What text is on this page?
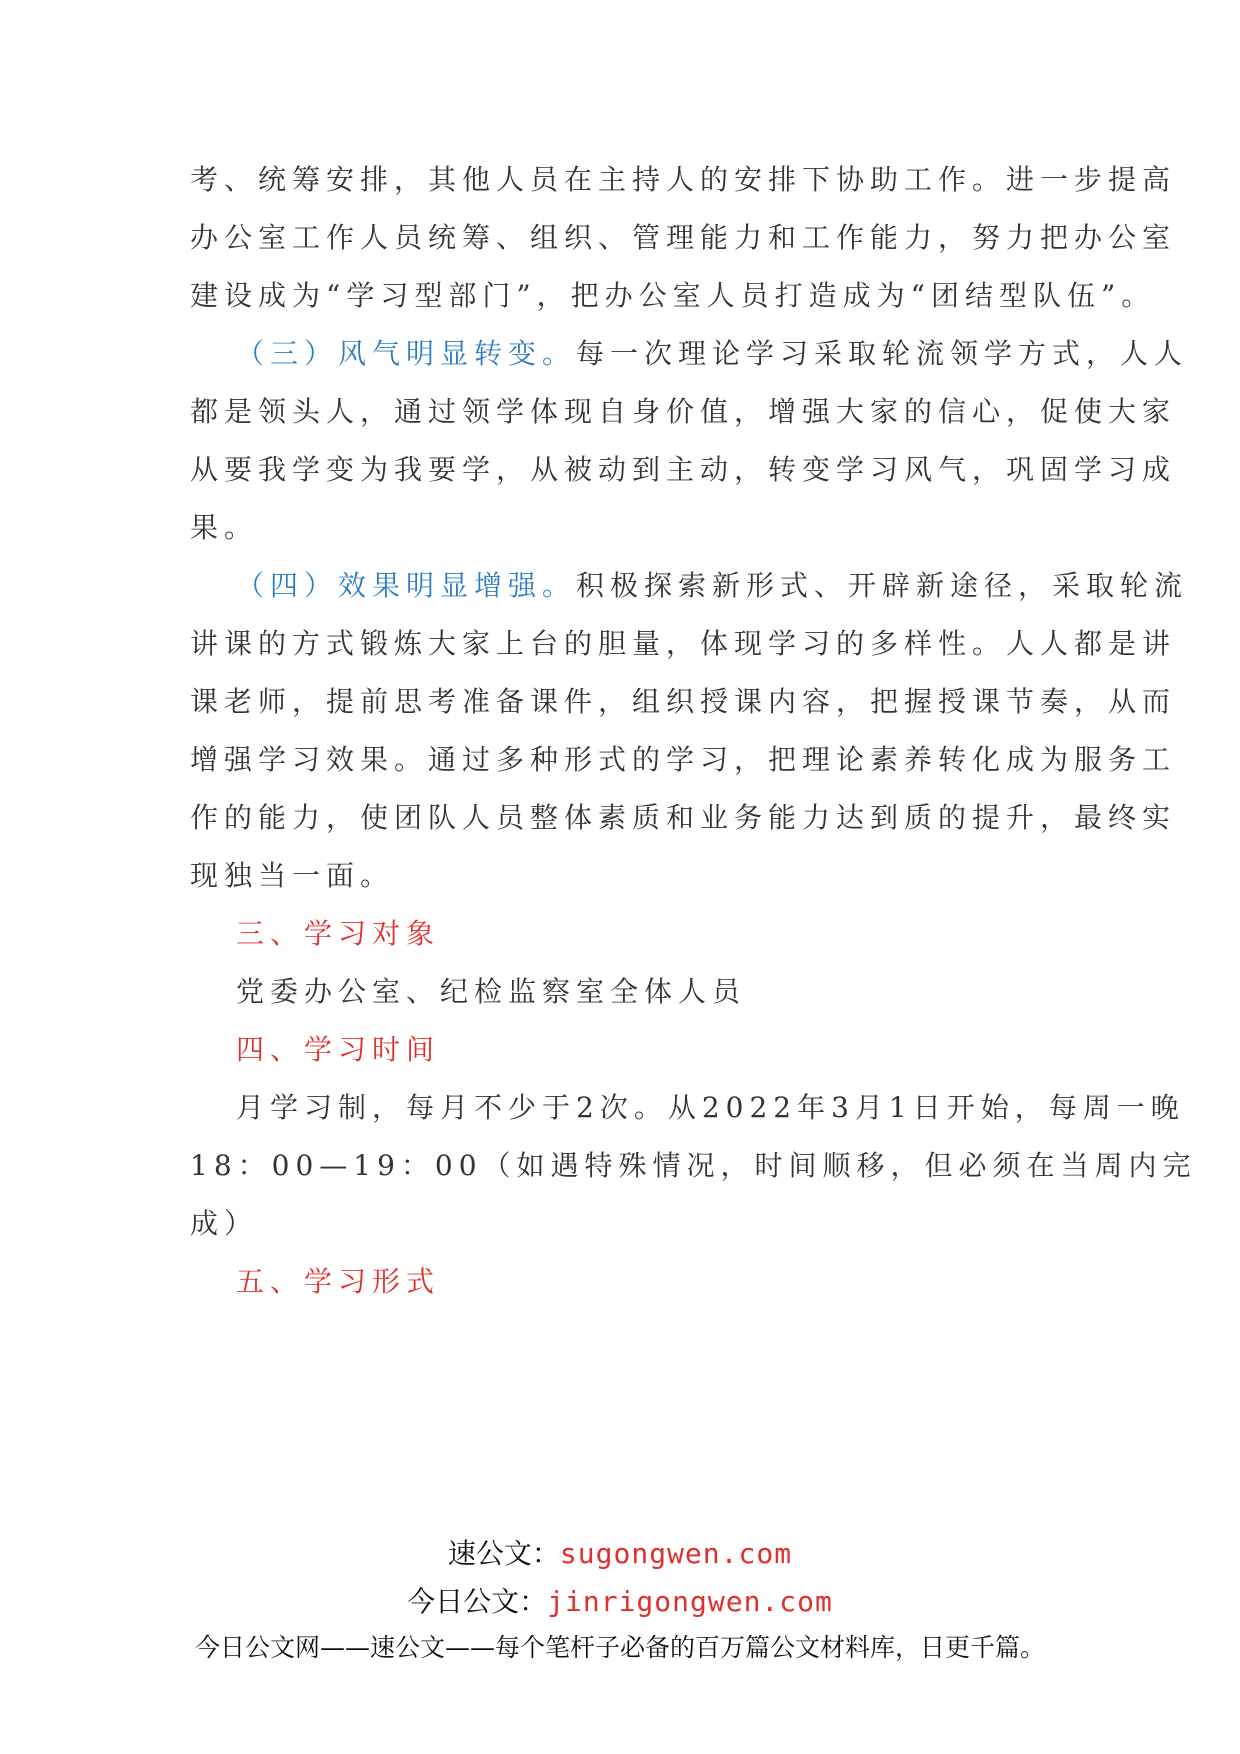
考、统筹安排，其他人员在主持人的安排下协助工作。进一步提高
办公室工作人员统筹、组织、管理能力和工作能力，努力把办公室
建设成为“学习型部门”，把办公室人员打造成为“团结型队伍”。
（三）风气明显转变。每一次理论学习采取轮流领学方式，人人
都是领头人，通过领学体现自身价值，增强大家的信心，促使大家
从要我学变为我要学，从被动到主动，转变学习风气，巩固学习成
果。
（四）效果明显增强。积极探索新形式、开辟新途径，采取轮流
讲课的方式锻炼大家上台的胆量，体现学习的多样性。人人都是讲
课老师，提前思考准备课件，组织授课内容，把握授课节奏，从而
增强学习效果。通过多种形式的学习，把理论素养转化成为服务工
作的能力，使团队人员整体素质和业务能力达到质的提升，最终实
现独当一面。
三、学习对象
党委办公室、纪检监察室全体人员
四、学习时间
月学习制，每月不少于2次。从2022年3月1日开始，每周一晚
18：00—19：00（如遇特殊情况，时间顺移，但必须在当周内完
成）
五、学习形式
速公文：sugongwen.com
今日公文：jinrigongwen.com
今日公文网——速公文——每个笔杆子必备的百万篇公文材料库，日更千篇。
